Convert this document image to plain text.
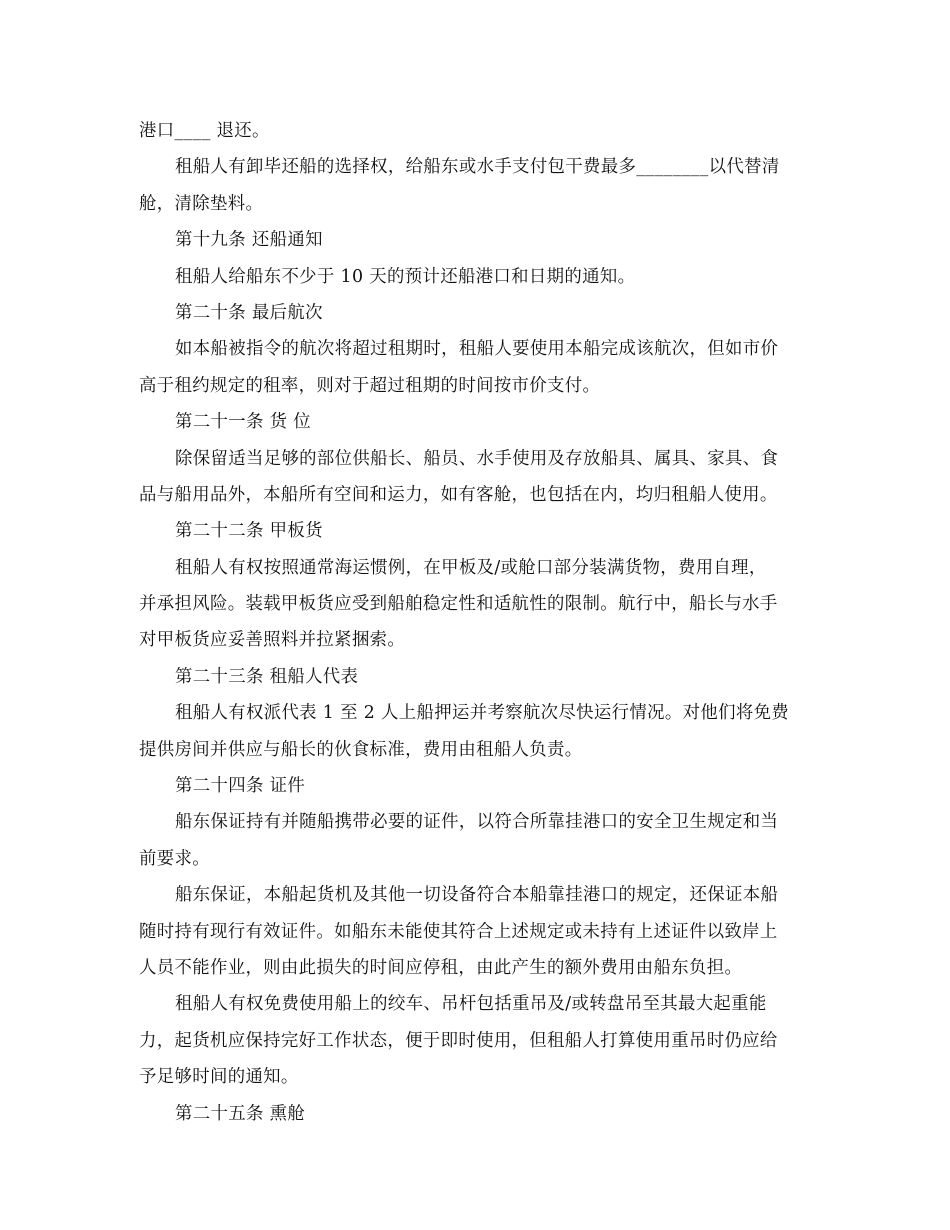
港口____ 退还。
租船人有卸毕还船的选择权，给船东或水手支付包干费最多________以代替清
舱，清除垫料。
第十九条 还船通知
租船人给船东不少于 10 天的预计还船港口和日期的通知。
第二十条 最后航次
如本船被指令的航次将超过租期时，租船人要使用本船完成该航次，但如市价
高于租约规定的租率，则对于超过租期的时间按市价支付。
第二十一条 货 位
除保留适当足够的部位供船长、船员、水手使用及存放船具、属具、家具、食
品与船用品外，本船所有空间和运力，如有客舱，也包括在内，均归租船人使用。
第二十二条 甲板货
租船人有权按照通常海运惯例，在甲板及/或舱口部分装满货物，费用自理，
并承担风险。装载甲板货应受到船舶稳定性和适航性的限制。航行中，船长与水手
对甲板货应妥善照料并拉紧捆索。
第二十三条 租船人代表
租船人有权派代表 1 至 2 人上船押运并考察航次尽快运行情况。对他们将免费
提供房间并供应与船长的伙食标准，费用由租船人负责。
第二十四条 证件
船东保证持有并随船携带必要的证件，以符合所靠挂港口的安全卫生规定和当
前要求。
船东保证，本船起货机及其他一切设备符合本船靠挂港口的规定，还保证本船
随时持有现行有效证件。如船东未能使其符合上述规定或未持有上述证件以致岸上
人员不能作业，则由此损失的时间应停租，由此产生的额外费用由船东负担。
租船人有权免费使用船上的绞车、吊杆包括重吊及/或转盘吊至其最大起重能
力，起货机应保持完好工作状态，便于即时使用，但租船人打算使用重吊时仍应给
予足够时间的通知。
第二十五条 熏舱
